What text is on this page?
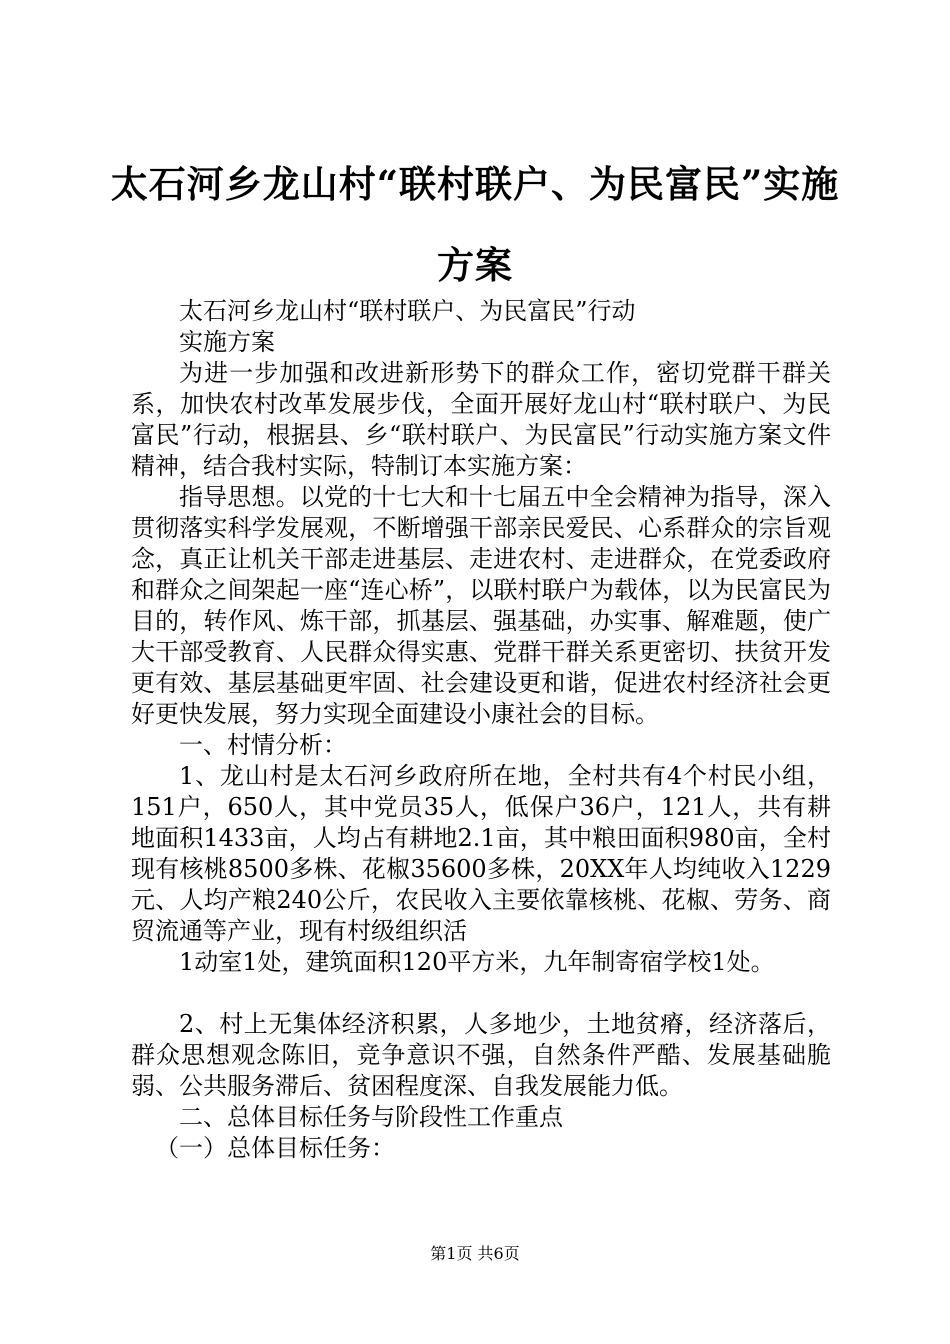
太石河乡龙山村“联村联户、为民富民”实施
方案

太石河乡龙山村“联村联户、为民富民”行动

实施方案

为进一步加强和改进新形势下的群众工作，密切党群干群关系，加快农村改革发展步伐，全面开展好龙山村“联村联户、为民富民”行动，根据县、乡“联村联户、为民富民”行动实施方案文件精神，结合我村实际，特制订本实施方案：

指导思想。以党的十七大和十七届五中全会精神为指导，深入贯彻落实科学发展观，不断增强干部亲民爱民、心系群众的宗旨观念，真正让机关干部走进基层、走进农村、走进群众，在党委政府和群众之间架起一座“连心桥”，以联村联户为载体，以为民富民为目的，转作风、炼干部，抓基层、强基础，办实事、解难题，使广大干部受教育、人民群众得实惠、党群干群关系更密切、扶贫开发更有效、基层基础更牢固、社会建设更和谐，促进农村经济社会更好更快发展，努力实现全面建设小康社会的目标。

一、村情分析：

1、龙山村是太石河乡政府所在地，全村共有4个村民小组，151户，650人，其中党员35人，低保户36户，121人，共有耕地面积1433亩，人均占有耕地2.1亩，其中粮田面积980亩，全村现有核桃8500多株、花椒35600多株，20XX年人均纯收入1229元、人均产粮240公斤，农民收入主要依靠核桃、花椒、劳务、商贸流通等产业，现有村级组织活

1动室1处，建筑面积120平方米，九年制寄宿学校1处。

2、村上无集体经济积累，人多地少，土地贫瘠，经济落后，群众思想观念陈旧，竞争意识不强，自然条件严酷、发展基础脆弱、公共服务滞后、贫困程度深、自我发展能力低。

二、总体目标任务与阶段性工作重点

（一）总体目标任务：

第1页 共6页
